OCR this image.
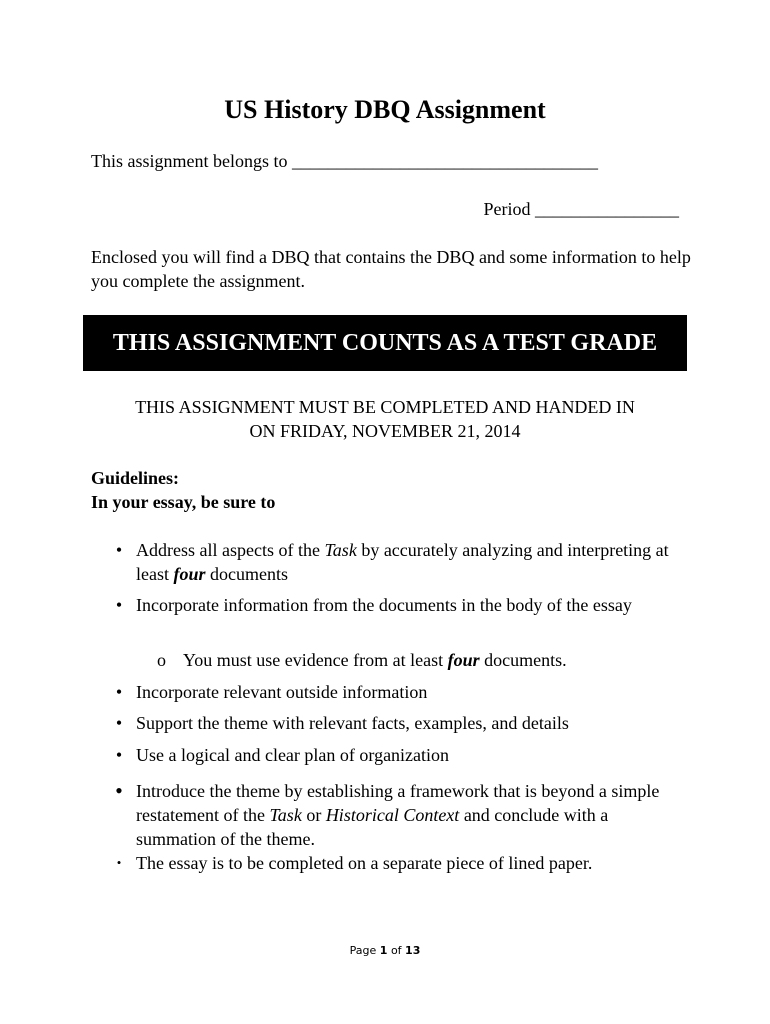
US History DBQ Assignment

This assignment belongs to __________________________________

Period ________________

Enclosed you will find a DBQ that contains the DBQ and some information to help you complete the assignment.

THIS ASSIGNMENT COUNTS AS A TEST GRADE
THIS ASSIGNMENT MUST BE COMPLETED AND HANDED IN
ON FRIDAY, NOVEMBER 21, 2014
Guidelines:
In your essay, be sure to
• Address all aspects of the Task by accurately analyzing and interpreting at least four documents
• Incorporate information from the documents in the body of the essay
o You must use evidence from at least four documents.
• Incorporate relevant outside information
• Support the theme with relevant facts, examples, and details
• Use a logical and clear plan of organization
• Introduce the theme by establishing a framework that is beyond a simple restatement of the Task or Historical Context and conclude with a summation of the theme.
• The essay is to be completed on a separate piece of lined paper.
Page 1 of 13
